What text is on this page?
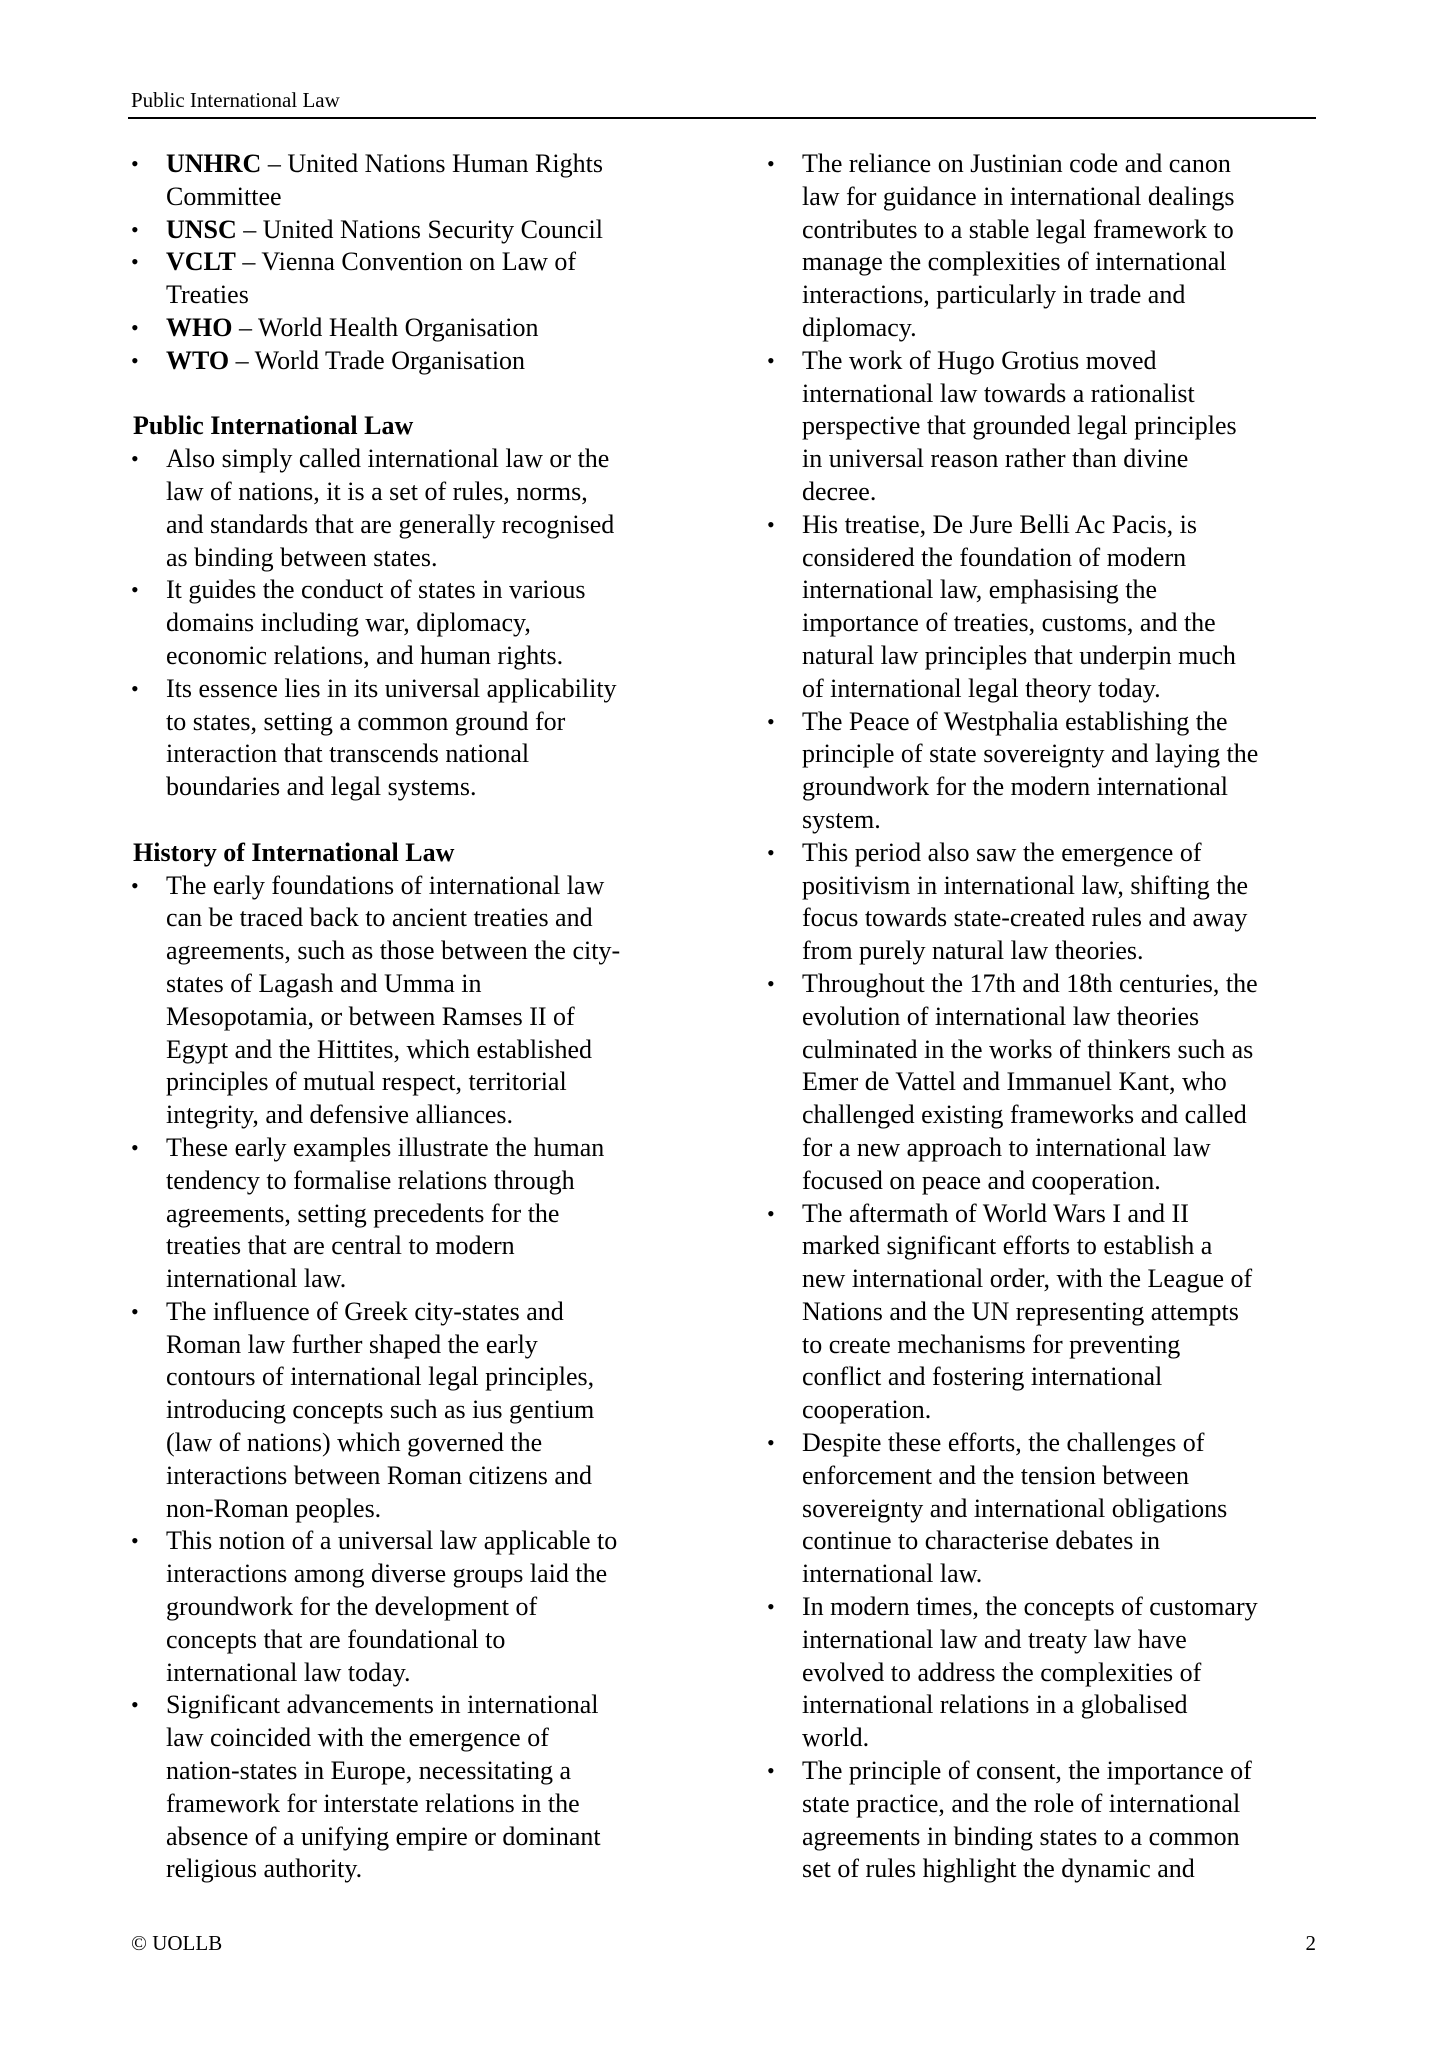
Public International Law
• UNHRC – United Nations Human Rights
Committee
• UNSC – United Nations Security Council
• VCLT – Vienna Convention on Law of
Treaties
• WHO – World Health Organisation
• WTO – World Trade Organisation
Public International Law
• Also simply called international law or the
law of nations, it is a set of rules, norms,
and standards that are generally recognised
as binding between states.
• It guides the conduct of states in various
domains including war, diplomacy,
economic relations, and human rights.
• Its essence lies in its universal applicability
to states, setting a common ground for
interaction that transcends national
boundaries and legal systems.
History of International Law
• The early foundations of international law
can be traced back to ancient treaties and
agreements, such as those between the city-
states of Lagash and Umma in
Mesopotamia, or between Ramses II of
Egypt and the Hittites, which established
principles of mutual respect, territorial
integrity, and defensive alliances.
• These early examples illustrate the human
tendency to formalise relations through
agreements, setting precedents for the
treaties that are central to modern
international law.
• The influence of Greek city-states and
Roman law further shaped the early
contours of international legal principles,
introducing concepts such as ius gentium
(law of nations) which governed the
interactions between Roman citizens and
non-Roman peoples.
• This notion of a universal law applicable to
interactions among diverse groups laid the
groundwork for the development of
concepts that are foundational to
international law today.
• Significant advancements in international
law coincided with the emergence of
nation-states in Europe, necessitating a
framework for interstate relations in the
absence of a unifying empire or dominant
religious authority.
• The reliance on Justinian code and canon
law for guidance in international dealings
contributes to a stable legal framework to
manage the complexities of international
interactions, particularly in trade and
diplomacy.
• The work of Hugo Grotius moved
international law towards a rationalist
perspective that grounded legal principles
in universal reason rather than divine
decree.
• His treatise, De Jure Belli Ac Pacis, is
considered the foundation of modern
international law, emphasising the
importance of treaties, customs, and the
natural law principles that underpin much
of international legal theory today.
• The Peace of Westphalia establishing the
principle of state sovereignty and laying the
groundwork for the modern international
system.
• This period also saw the emergence of
positivism in international law, shifting the
focus towards state-created rules and away
from purely natural law theories.
• Throughout the 17th and 18th centuries, the
evolution of international law theories
culminated in the works of thinkers such as
Emer de Vattel and Immanuel Kant, who
challenged existing frameworks and called
for a new approach to international law
focused on peace and cooperation.
• The aftermath of World Wars I and II
marked significant efforts to establish a
new international order, with the League of
Nations and the UN representing attempts
to create mechanisms for preventing
conflict and fostering international
cooperation.
• Despite these efforts, the challenges of
enforcement and the tension between
sovereignty and international obligations
continue to characterise debates in
international law.
• In modern times, the concepts of customary
international law and treaty law have
evolved to address the complexities of
international relations in a globalised
world.
• The principle of consent, the importance of
state practice, and the role of international
agreements in binding states to a common
set of rules highlight the dynamic and
© UOLLB	2
